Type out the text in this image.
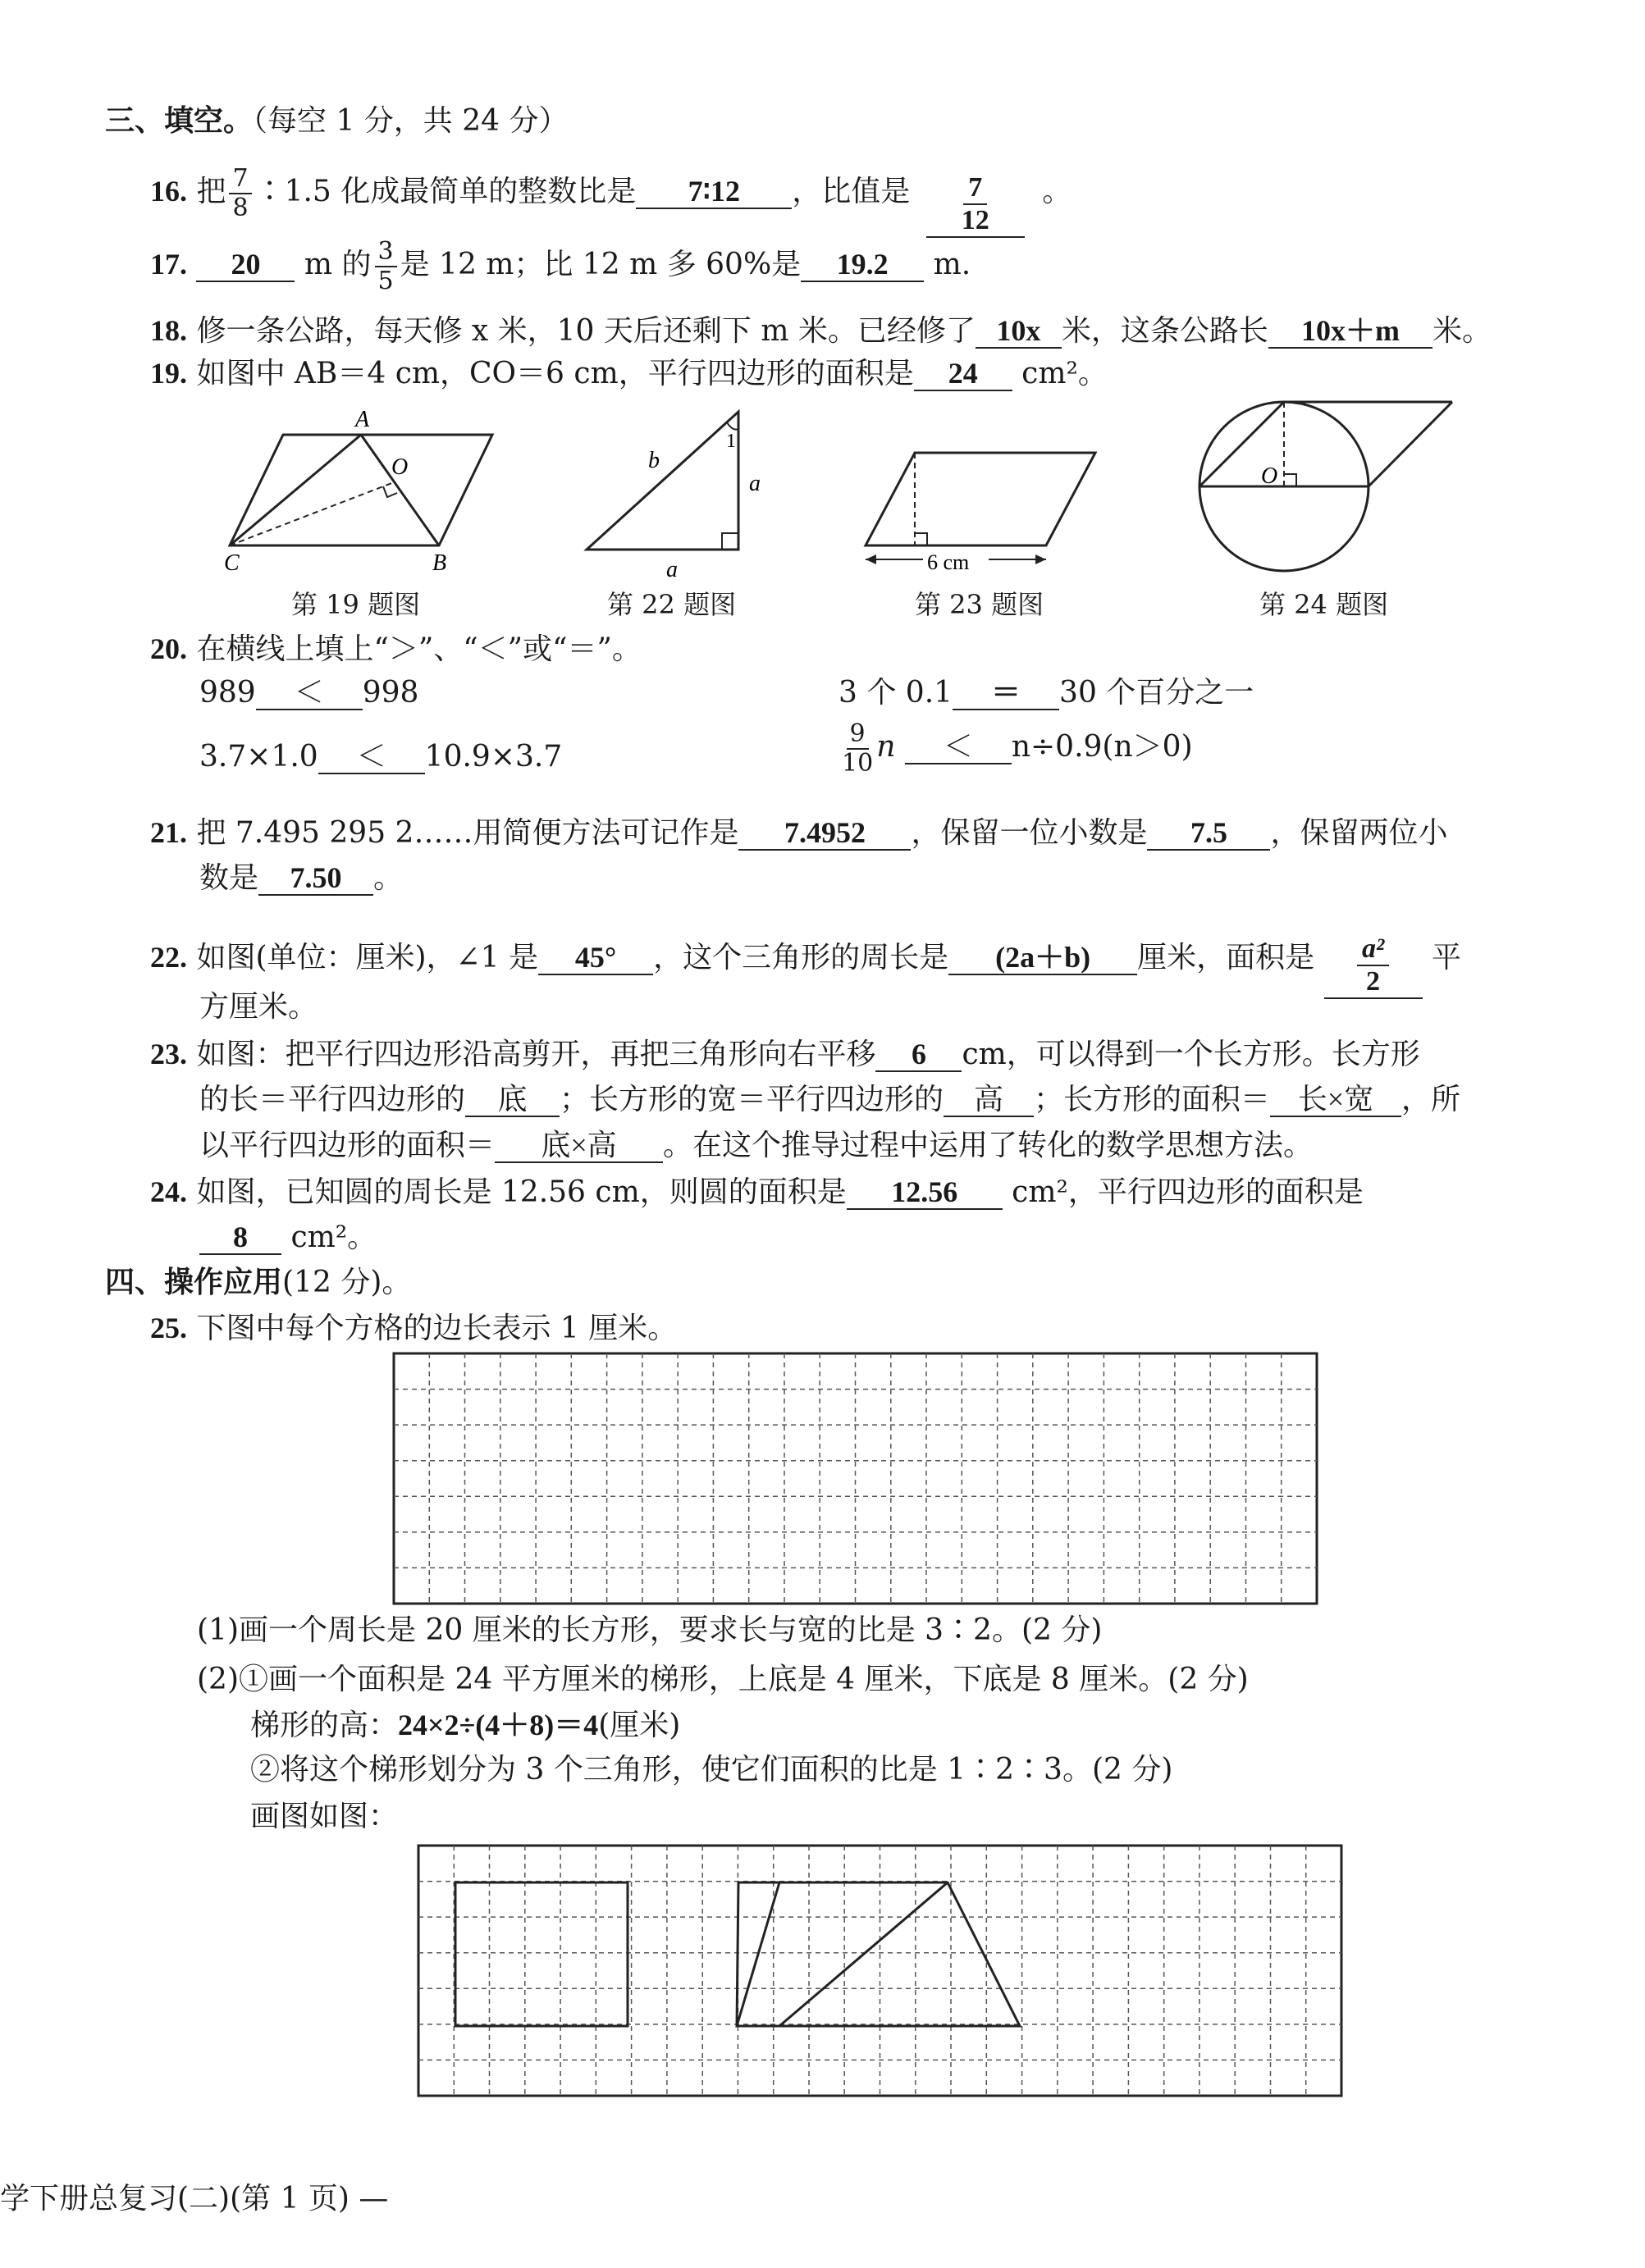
三、填空。（每空 1 分，共 24 分）
16. 把 $\frac{7}{8}$ ∶1.5 化成最简单的整数比是 7∶12 ，比值是 $\frac{7}{12}$ 。
17. 20 m 的 $\frac{3}{5}$ 是 12 m；比 12 m 多 60%是 19.2 m.
18. 修一条公路，每天修 x 米，10 天后还剩下 m 米。已经修了 10x 米，这条公路长 10x＋m 米。
19. 如图中 AB＝4 cm，CO＝6 cm，平行四边形的面积是 24 cm²。
A
O
B
C
第 19 题图
1
b
a
a
第 22 题图
6 cm
第 23 题图
O
第 24 题图
20. 在横线上填上“＞”、“＜”或“＝”。
989 ＜ 998	3 个 0.1 ＝ 30 个百分之一
3.7×1.0 ＜ 10.9×3.7	$\frac{9}{10}$ n ＜ n÷0.9(n＞0)
21. 把 7.495 295 2……用简便方法可记作是 7.4952 ，保留一位小数是 7.5 ，保留两位小
数是 7.50 。
22. 如图(单位：厘米)，∠1 是 45° ，这个三角形的周长是 (2a＋b) 厘米，面积是 $\frac{\text{a²}}{2}$ 平
方厘米。
23. 如图：把平行四边形沿高剪开，再把三角形向右平移 6 cm，可以得到一个长方形。长方形
的长＝平行四边形的 底 ；长方形的宽＝平行四边形的 高 ；长方形的面积＝ 长×宽 ，所
以平行四边形的面积＝ 底×高 。在这个推导过程中运用了转化的数学思想方法。
24. 如图，已知圆的周长是 12.56 cm，则圆的面积是 12.56 cm²，平行四边形的面积是
8 cm²。
四、操作应用(12 分)。
25. 下图中每个方格的边长表示 1 厘米。
(1)画一个周长是 20 厘米的长方形，要求长与宽的比是 3∶2。(2 分)
(2)①画一个面积是 24 平方厘米的梯形，上底是 4 厘米，下底是 8 厘米。(2 分)
梯形的高：24×2÷(4＋8)＝4(厘米)
②将这个梯形划分为 3 个三角形，使它们面积的比是 1∶2∶3。(2 分)
画图如图：
学下册总复习(二)(第 1 页) —
